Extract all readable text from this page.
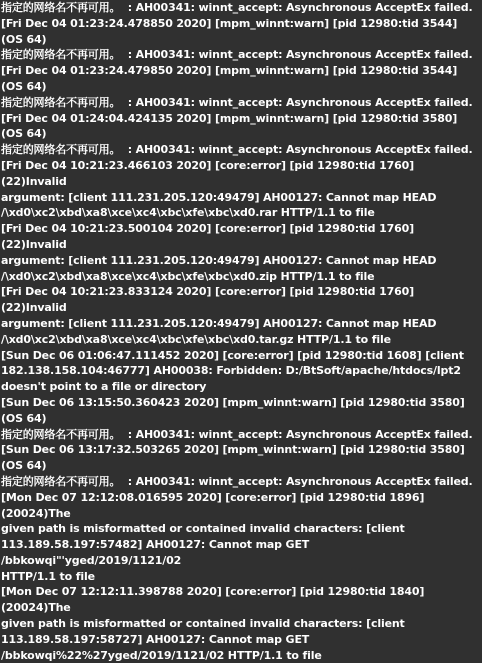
指定的网络名不再可用。  : AH00341: winnt_accept: Asynchronous AcceptEx failed.
[Fri Dec 04 01:23:24.478850 2020] [mpm_winnt:warn] [pid 12980:tid 3544] (OS 64)
指定的网络名不再可用。  : AH00341: winnt_accept: Asynchronous AcceptEx failed.
[Fri Dec 04 01:23:24.479850 2020] [mpm_winnt:warn] [pid 12980:tid 3544] (OS 64)
指定的网络名不再可用。  : AH00341: winnt_accept: Asynchronous AcceptEx failed.
[Fri Dec 04 01:24:04.424135 2020] [mpm_winnt:warn] [pid 12980:tid 3580] (OS 64)
指定的网络名不再可用。  : AH00341: winnt_accept: Asynchronous AcceptEx failed.
[Fri Dec 04 10:21:23.466103 2020] [core:error] [pid 12980:tid 1760] (22)Invalid
argument: [client 111.231.205.120:49479] AH00127: Cannot map HEAD
/\xd0\xc2\xbd\xa8\xce\xc4\xbc\xfe\xbc\xd0.rar HTTP/1.1 to file
[Fri Dec 04 10:21:23.500104 2020] [core:error] [pid 12980:tid 1760] (22)Invalid
argument: [client 111.231.205.120:49479] AH00127: Cannot map HEAD
/\xd0\xc2\xbd\xa8\xce\xc4\xbc\xfe\xbc\xd0.zip HTTP/1.1 to file
[Fri Dec 04 10:21:23.833124 2020] [core:error] [pid 12980:tid 1760] (22)Invalid
argument: [client 111.231.205.120:49479] AH00127: Cannot map HEAD
/\xd0\xc2\xbd\xa8\xce\xc4\xbc\xfe\xbc\xd0.tar.gz HTTP/1.1 to file
[Sun Dec 06 01:06:47.111452 2020] [core:error] [pid 12980:tid 1608] [client
182.138.158.104:46777] AH00038: Forbidden: D:/BtSoft/apache/htdocs/lpt2
doesn't point to a file or directory
[Sun Dec 06 13:15:50.360423 2020] [mpm_winnt:warn] [pid 12980:tid 3580] (OS 64)
指定的网络名不再可用。  : AH00341: winnt_accept: Asynchronous AcceptEx failed.
[Sun Dec 06 13:17:32.503265 2020] [mpm_winnt:warn] [pid 12980:tid 3580] (OS 64)
指定的网络名不再可用。  : AH00341: winnt_accept: Asynchronous AcceptEx failed.
[Mon Dec 07 12:12:08.016595 2020] [core:error] [pid 12980:tid 1896] (20024)The
given path is misformatted or contained invalid characters: [client
113.189.58.197:57482] AH00127: Cannot map GET /bbkowqi"'yged/2019/1121/02
HTTP/1.1 to file
[Mon Dec 07 12:12:11.398788 2020] [core:error] [pid 12980:tid 1840] (20024)The
given path is misformatted or contained invalid characters: [client
113.189.58.197:58727] AH00127: Cannot map GET
/bbkowqi%22%27yged/2019/1121/02 HTTP/1.1 to file
